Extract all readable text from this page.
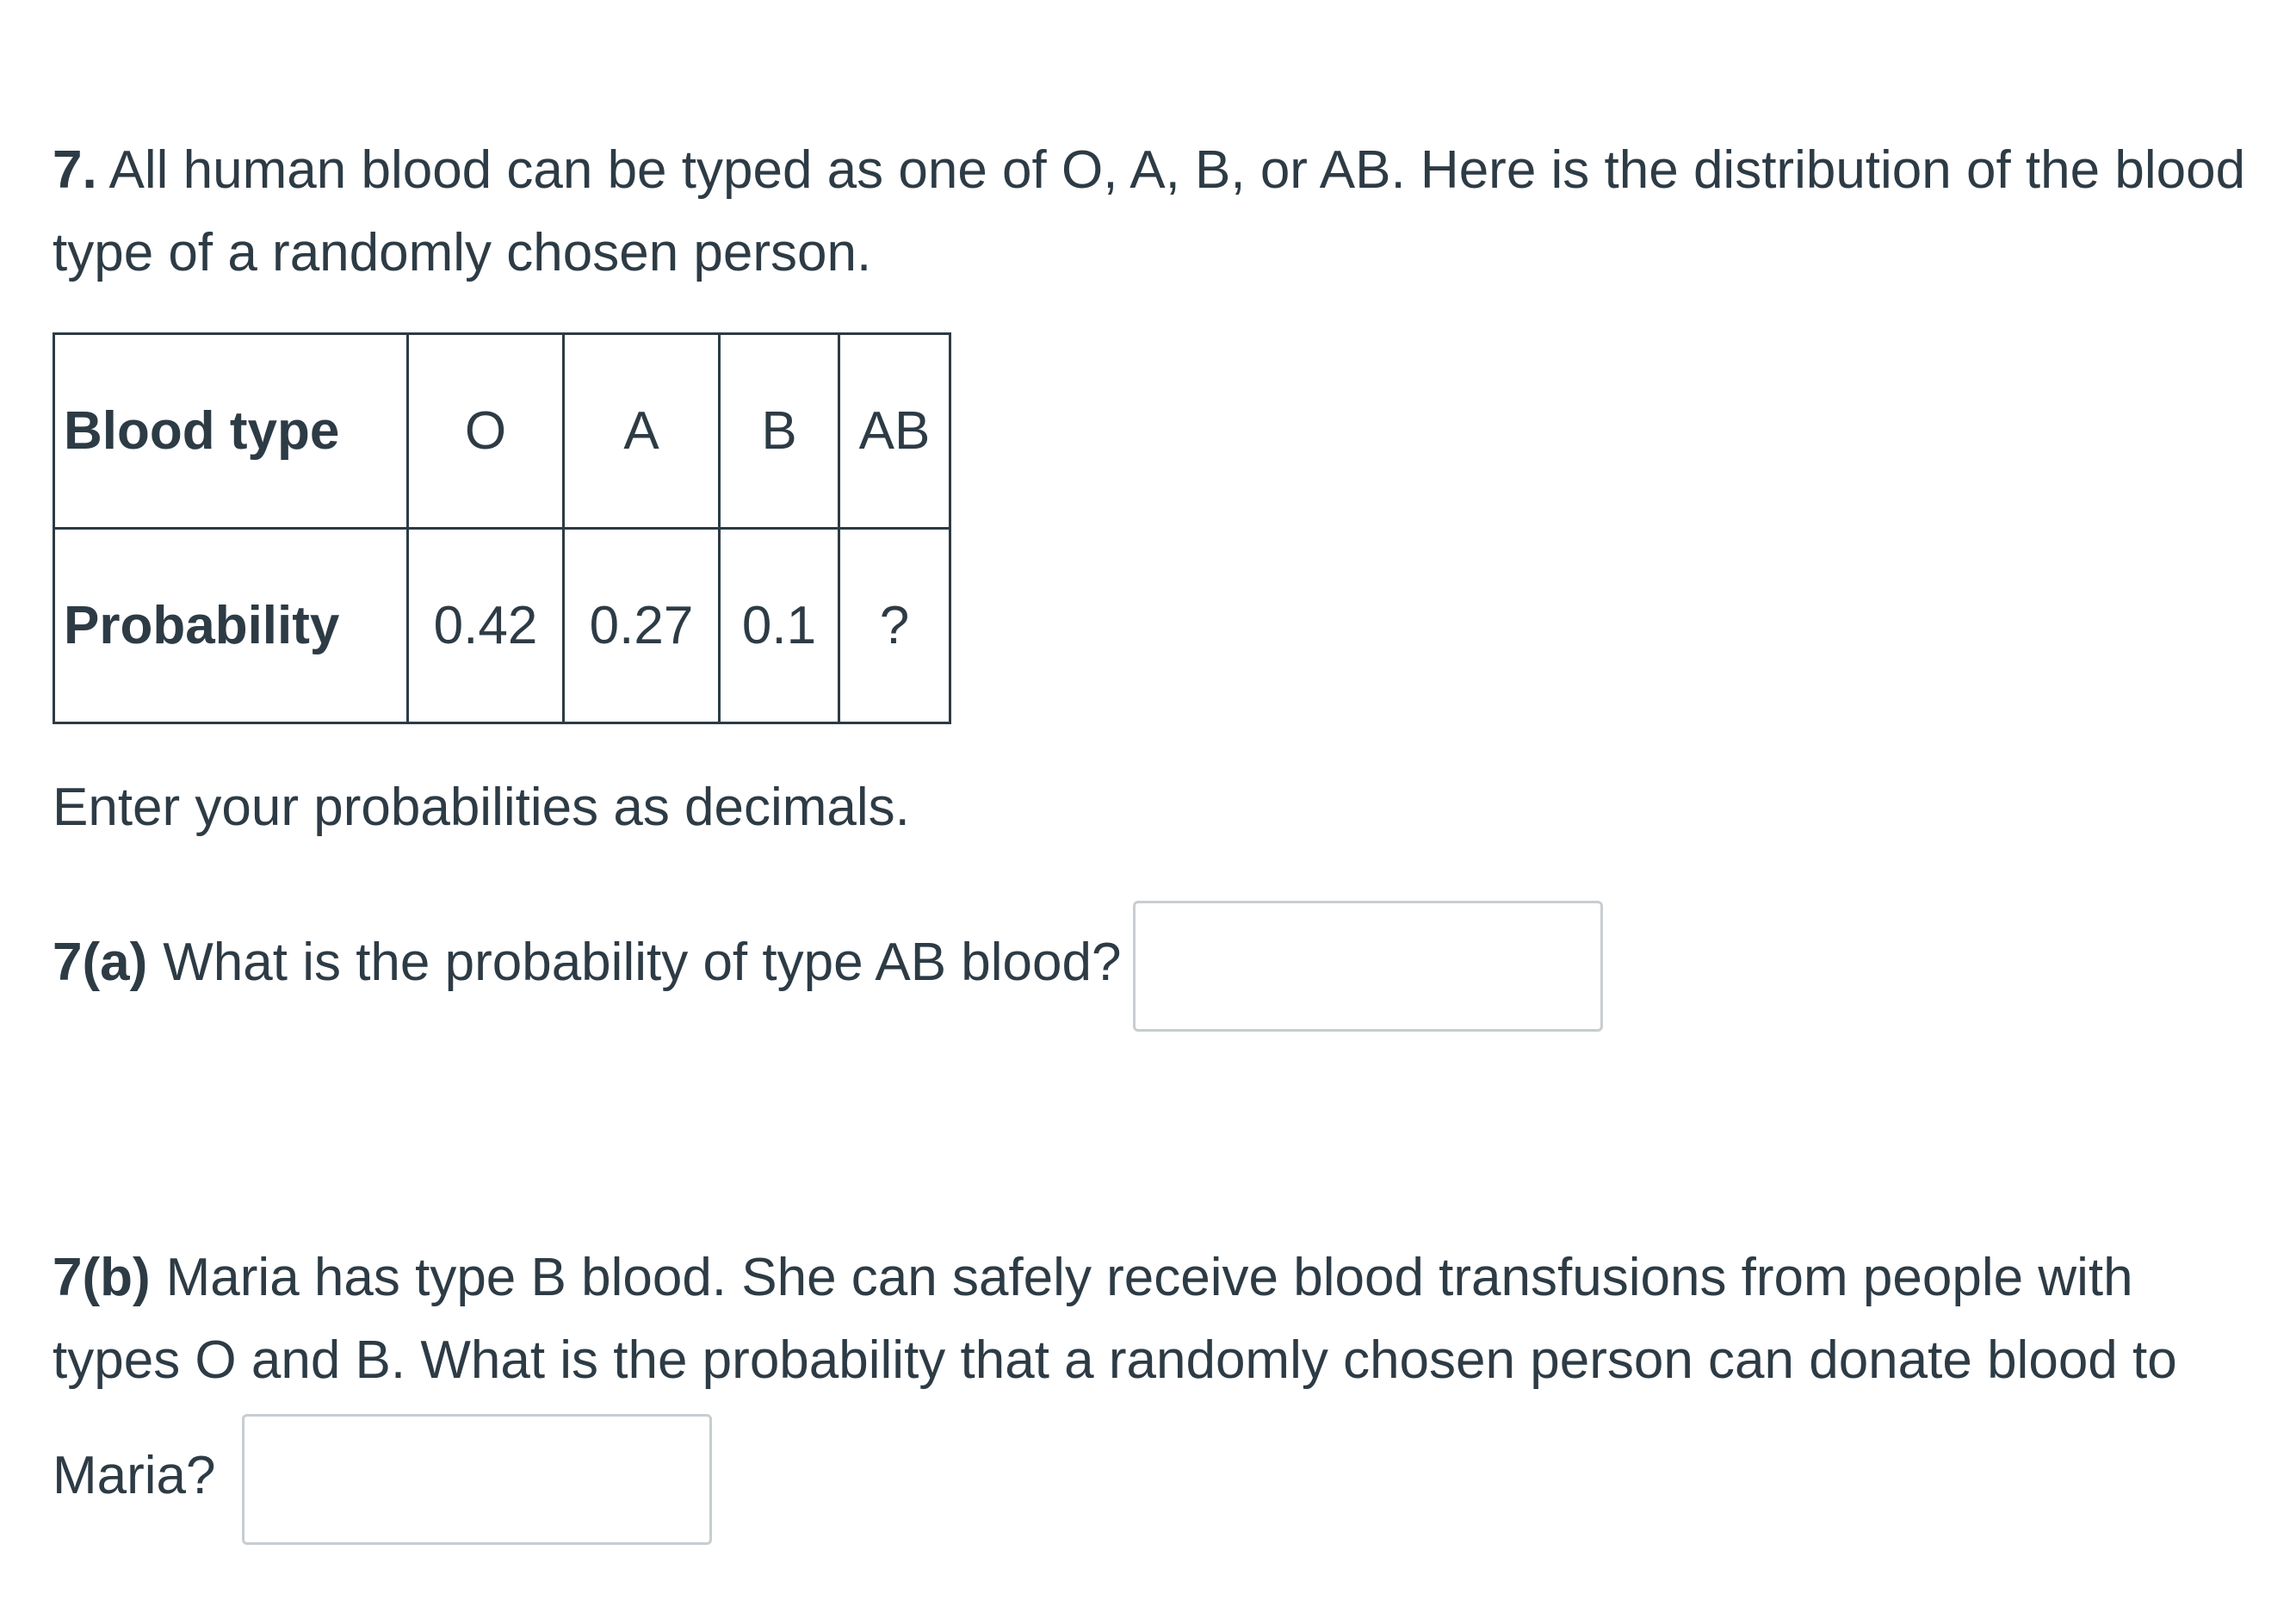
7. All human blood can be typed as one of O, A, B, or AB. Here is the distribution of the blood type of a randomly chosen person.

Blood type	O	A	B	AB
Probability	0.42	0.27	0.1	?

Enter your probabilities as decimals.

7(a) What is the probability of type AB blood?

7(b) Maria has type B blood. She can safely receive blood transfusions from people with types O and B. What is the probability that a randomly chosen person can donate blood to

Maria?
